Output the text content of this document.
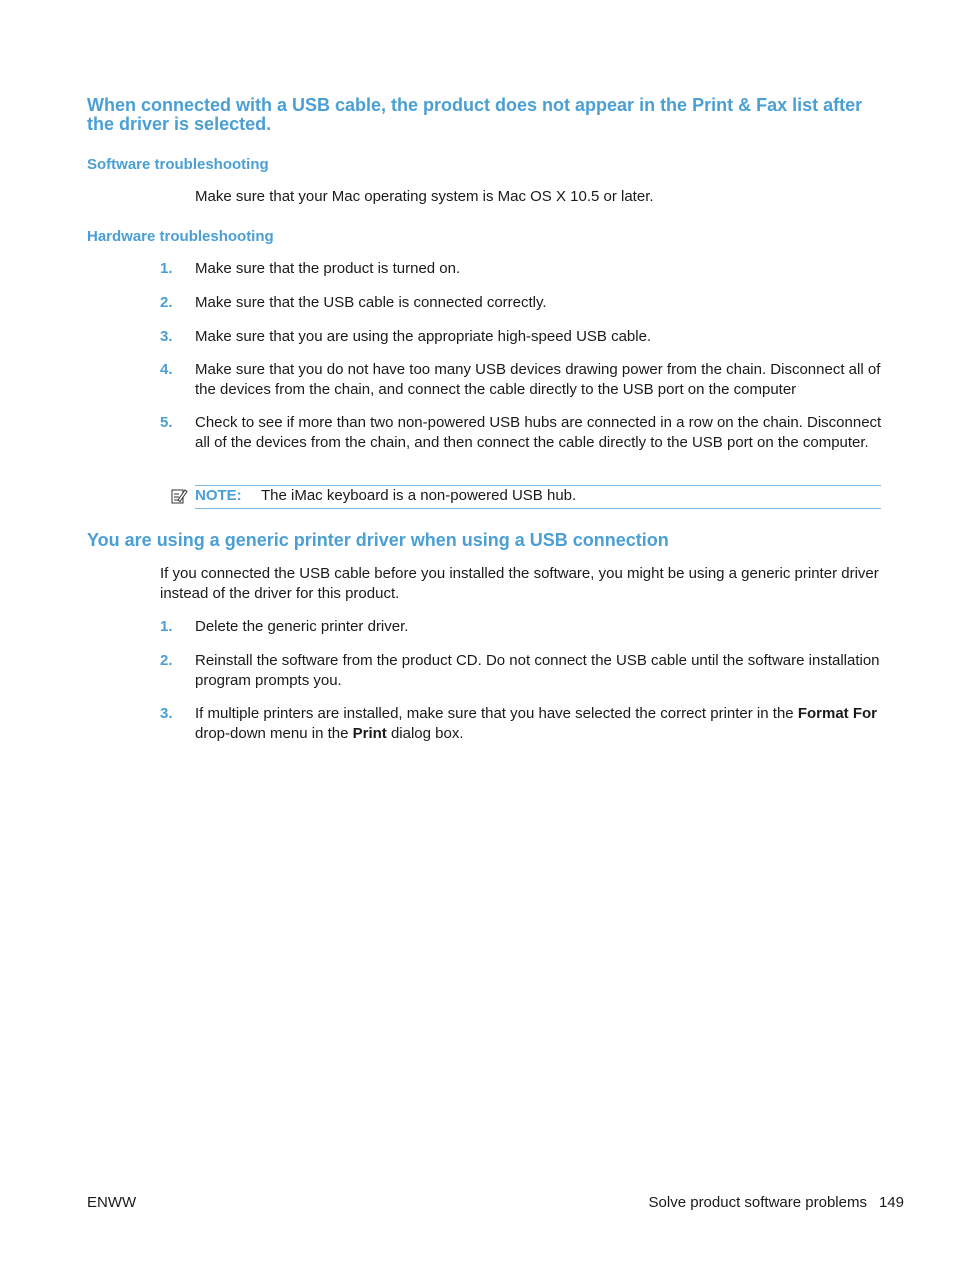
When connected with a USB cable, the product does not appear in the Print & Fax list after the driver is selected.
Software troubleshooting

Make sure that your Mac operating system is Mac OS X 10.5 or later.

Hardware troubleshooting
1. Make sure that the product is turned on.
2. Make sure that the USB cable is connected correctly.
3. Make sure that you are using the appropriate high-speed USB cable.
4. Make sure that you do not have too many USB devices drawing power from the chain. Disconnect all of the devices from the chain, and connect the cable directly to the USB port on the computer
5. Check to see if more than two non-powered USB hubs are connected in a row on the chain. Disconnect all of the devices from the chain, and then connect the cable directly to the USB port on the computer.
NOTE: The iMac keyboard is a non-powered USB hub.
You are using a generic printer driver when using a USB connection

If you connected the USB cable before you installed the software, you might be using a generic printer driver instead of the driver for this product.

1. Delete the generic printer driver.
2. Reinstall the software from the product CD. Do not connect the USB cable until the software installation program prompts you.
3. If multiple printers are installed, make sure that you have selected the correct printer in the Format For drop-down menu in the Print dialog box.
ENWW	Solve product software problems 149
